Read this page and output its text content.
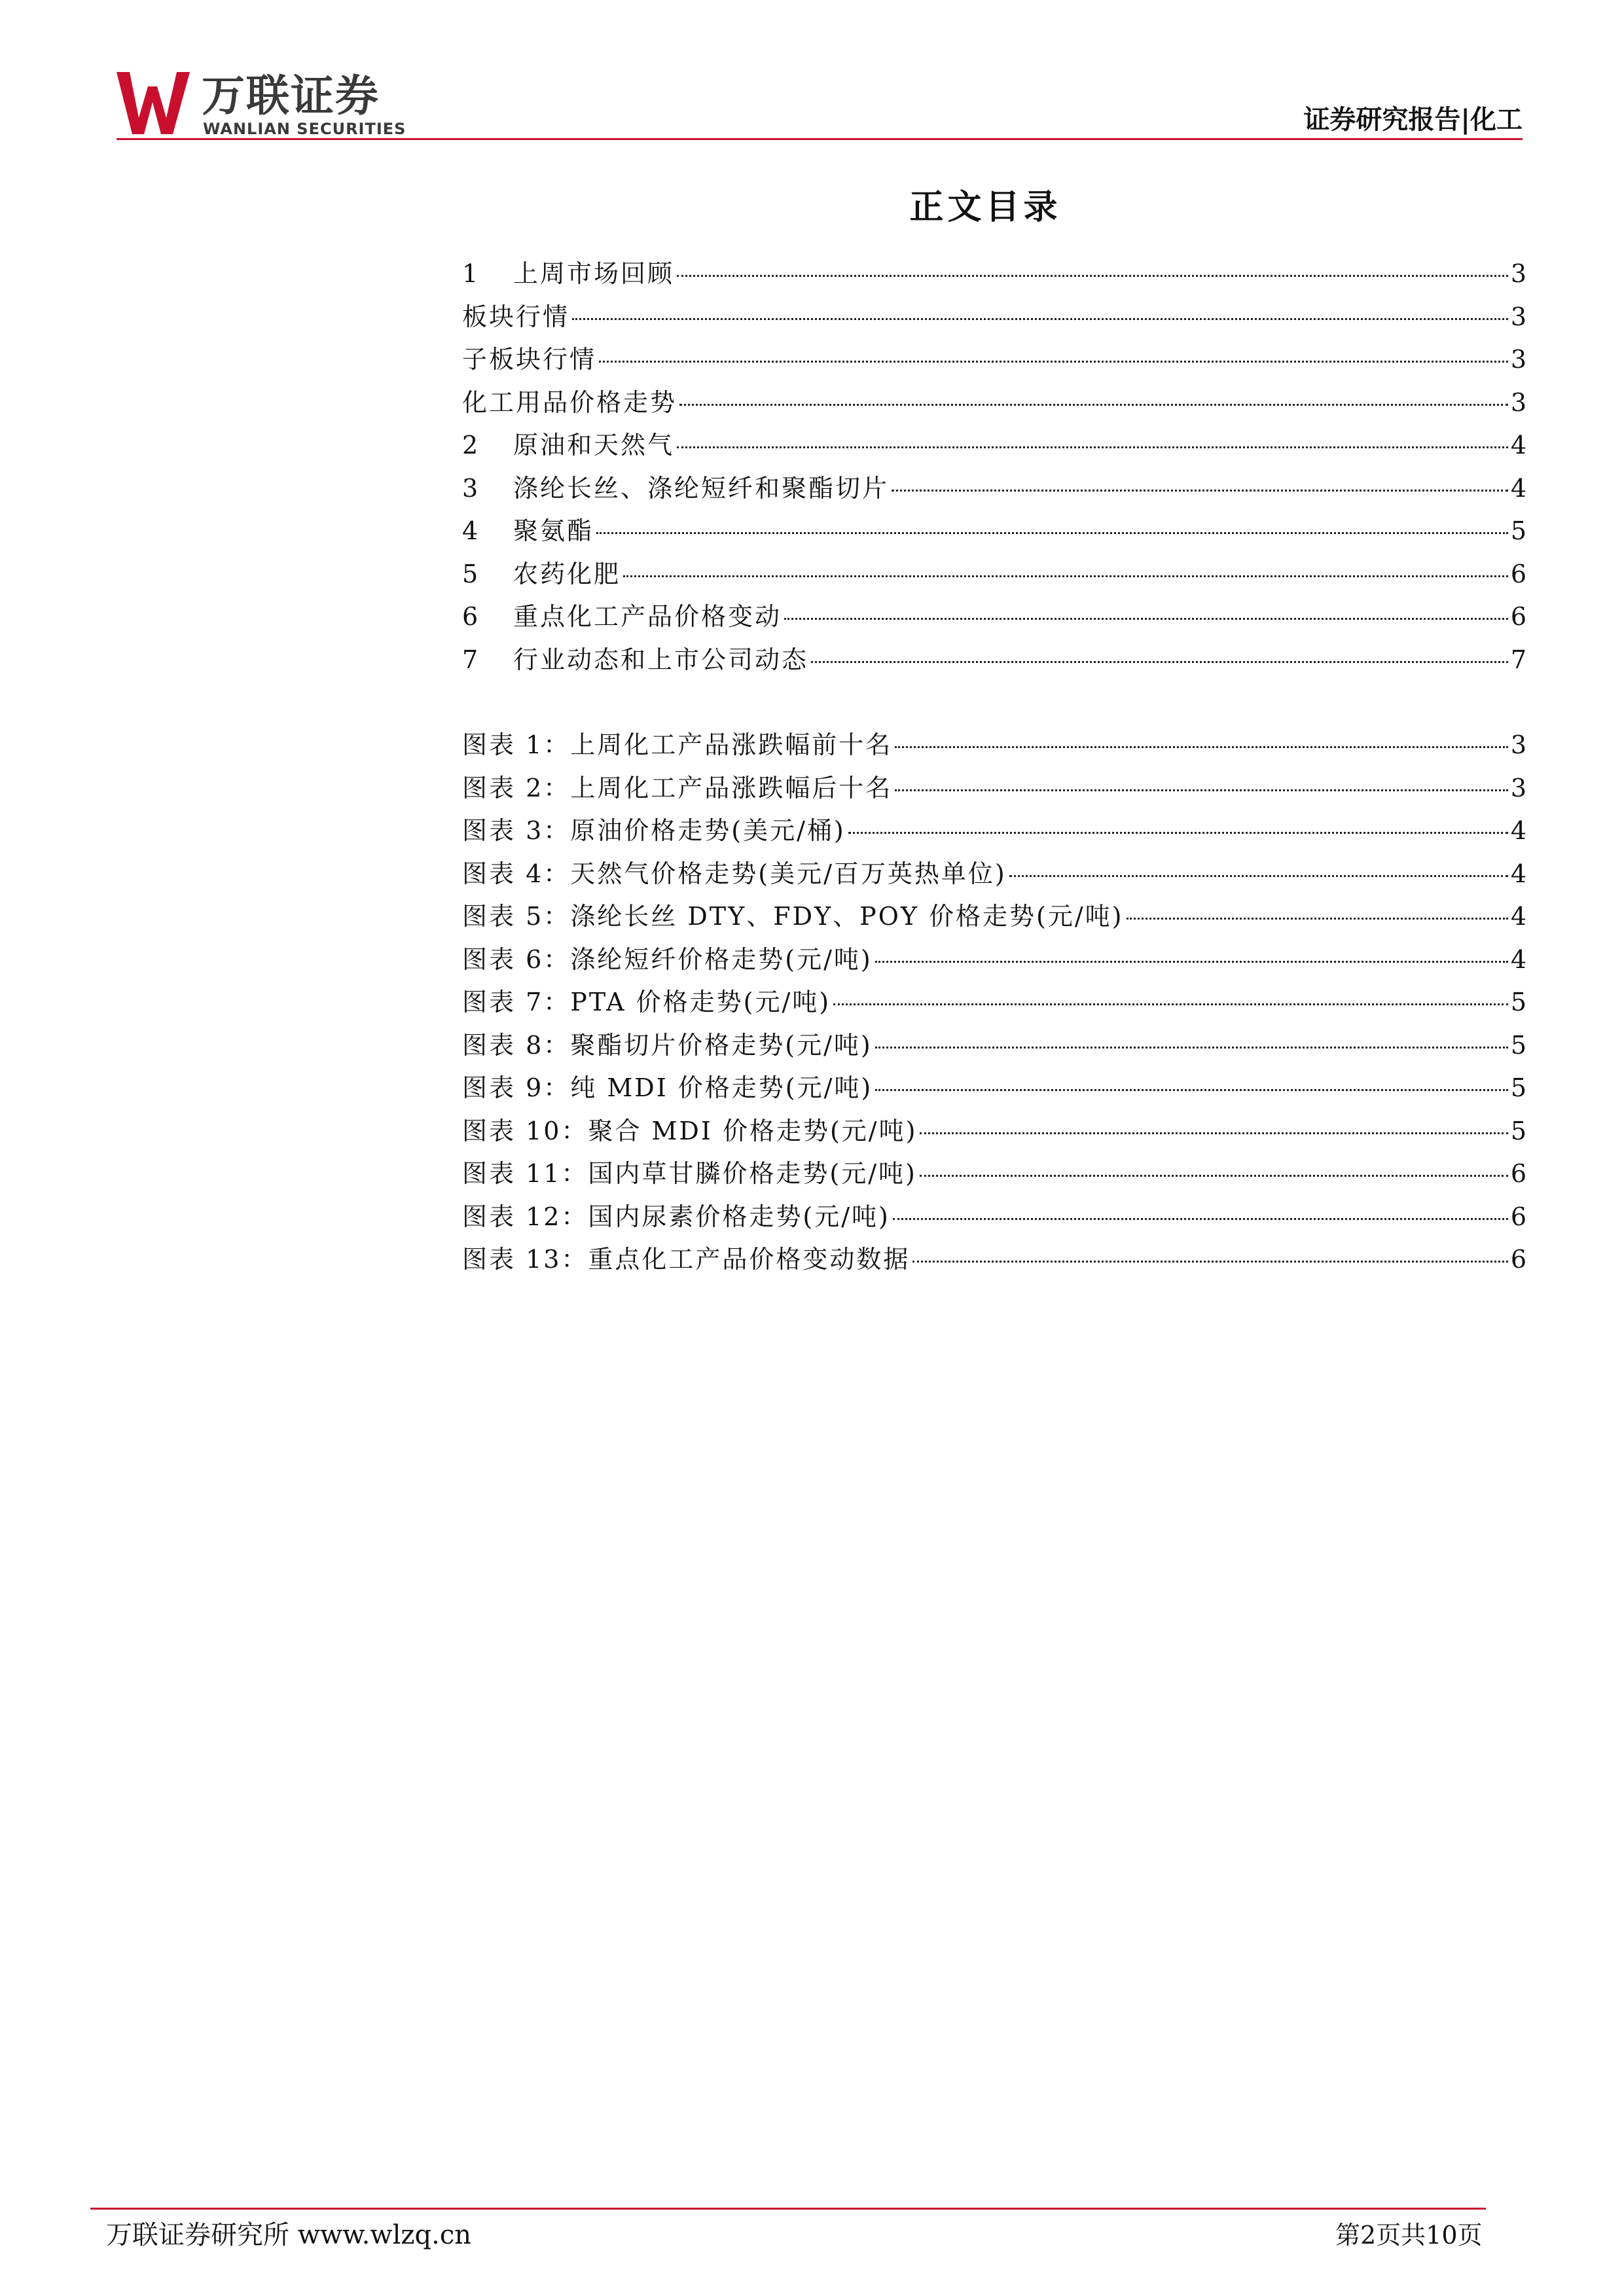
万联证券
WANLIAN SECURITIES	证券研究报告|化工
正文目录
1	上周市场回顾	3
板块行情	3
子板块行情	3
化工用品价格走势	3
2	原油和天然气	4
3	涤纶长丝、涤纶短纤和聚酯切片	4
4	聚氨酯	5
5	农药化肥	6
6	重点化工产品价格变动	6
7	行业动态和上市公司动态	7
图表 1：上周化工产品涨跌幅前十名	3
图表 2：上周化工产品涨跌幅后十名	3
图表 3：原油价格走势(美元/桶)	4
图表 4：天然气价格走势(美元/百万英热单位)	4
图表 5：涤纶长丝 DTY、FDY、POY 价格走势(元/吨)	4
图表 6：涤纶短纤价格走势(元/吨)	4
图表 7：PTA 价格走势(元/吨)	5
图表 8：聚酯切片价格走势(元/吨)	5
图表 9：纯 MDI 价格走势(元/吨)	5
图表 10：聚合 MDI 价格走势(元/吨)	5
图表 11：国内草甘膦价格走势(元/吨)	6
图表 12：国内尿素价格走势(元/吨)	6
图表 13：重点化工产品价格变动数据	6
万联证券研究所 www.wlzq.cn	第2页共10页
